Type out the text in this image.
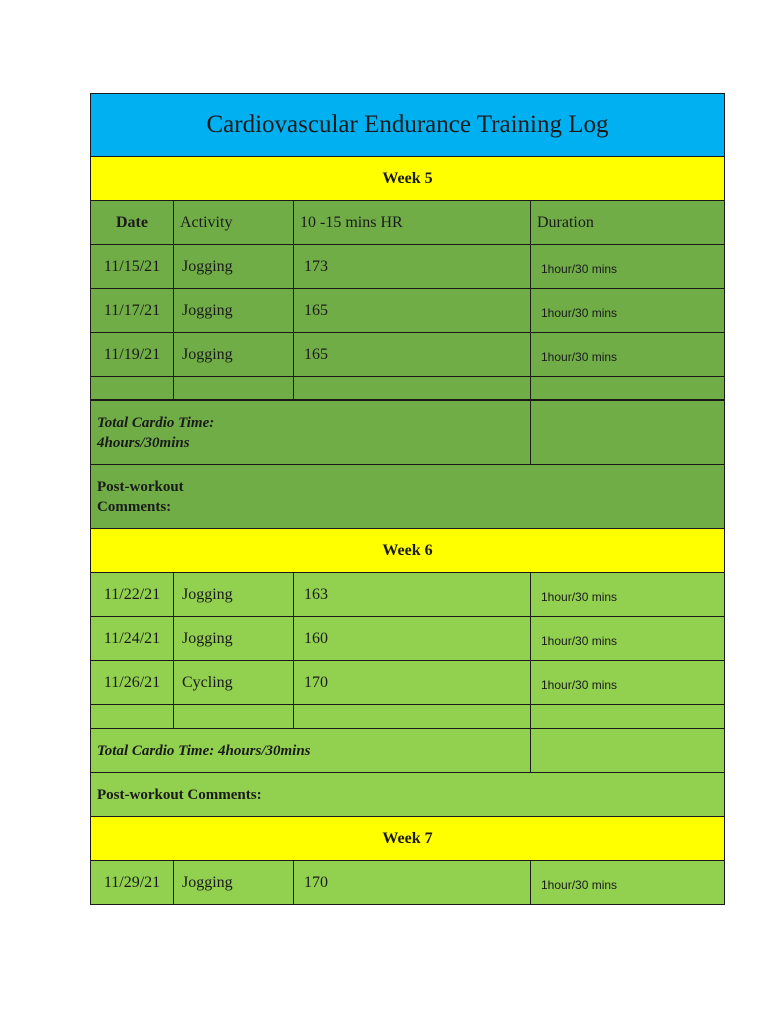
Cardiovascular Endurance Training Log
Week 5
Date	Activity	10 -15 mins HR	Duration
11/15/21	Jogging	173	1hour/30 mins
11/17/21	Jogging	165	1hour/30 mins
11/19/21	Jogging	165	1hour/30 mins
Total Cardio Time: 4hours/30mins
Post-workout Comments:
Week 6
11/22/21	Jogging	163	1hour/30 mins
11/24/21	Jogging	160	1hour/30 mins
11/26/21	Cycling	170	1hour/30 mins
Total Cardio Time: 4hours/30mins
Post-workout Comments:
Week 7
11/29/21	Jogging	170	1hour/30 mins
